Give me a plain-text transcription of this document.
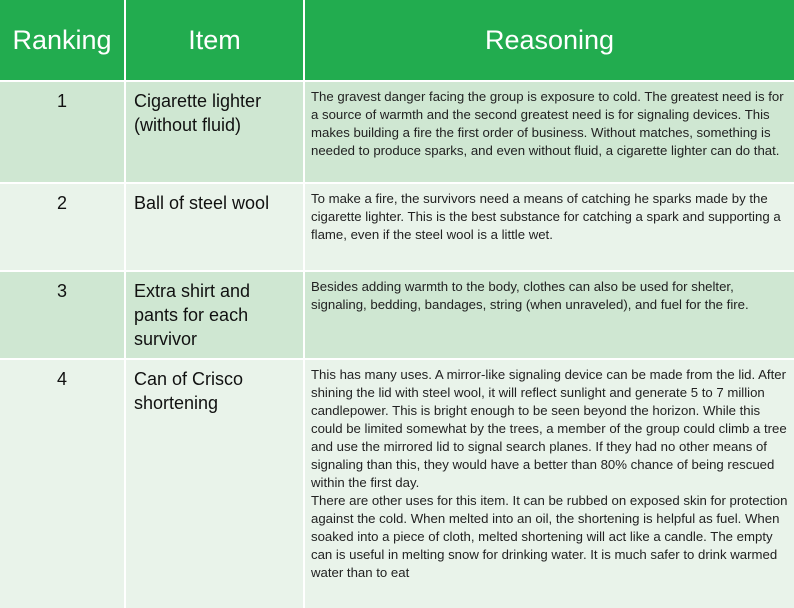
Ranking	Item	Reasoning
1	Cigarette lighter (without fluid)	The gravest danger facing the group is exposure to cold. The greatest need is for a source of warmth and the second greatest need is for signaling devices. This makes building a fire the first order of business. Without matches, something is needed to produce sparks, and even without fluid, a cigarette lighter can do that.
2	Ball of steel wool	To make a fire, the survivors need a means of catching he sparks made by the cigarette lighter. This is the best substance for catching a spark and supporting a flame, even if the steel wool is a little wet.
3	Extra shirt and pants for each survivor	Besides adding warmth to the body, clothes can also be used for shelter, signaling, bedding, bandages, string (when unraveled), and fuel for the fire.
4	Can of Crisco shortening	This has many uses. A mirror-like signaling device can be made from the lid. After shining the lid with steel wool, it will reflect sunlight and generate 5 to 7 million candlepower. This is bright enough to be seen beyond the horizon. While this could be limited somewhat by the trees, a member of the group could climb a tree and use the mirrored lid to signal search planes. If they had no other means of signaling than this, they would have a better than 80% chance of being rescued within the first day.
There are other uses for this item. It can be rubbed on exposed skin for protection against the cold. When melted into an oil, the shortening is helpful as fuel. When soaked into a piece of cloth, melted shortening will act like a candle. The empty can is useful in melting snow for drinking water. It is much safer to drink warmed water than to eat
